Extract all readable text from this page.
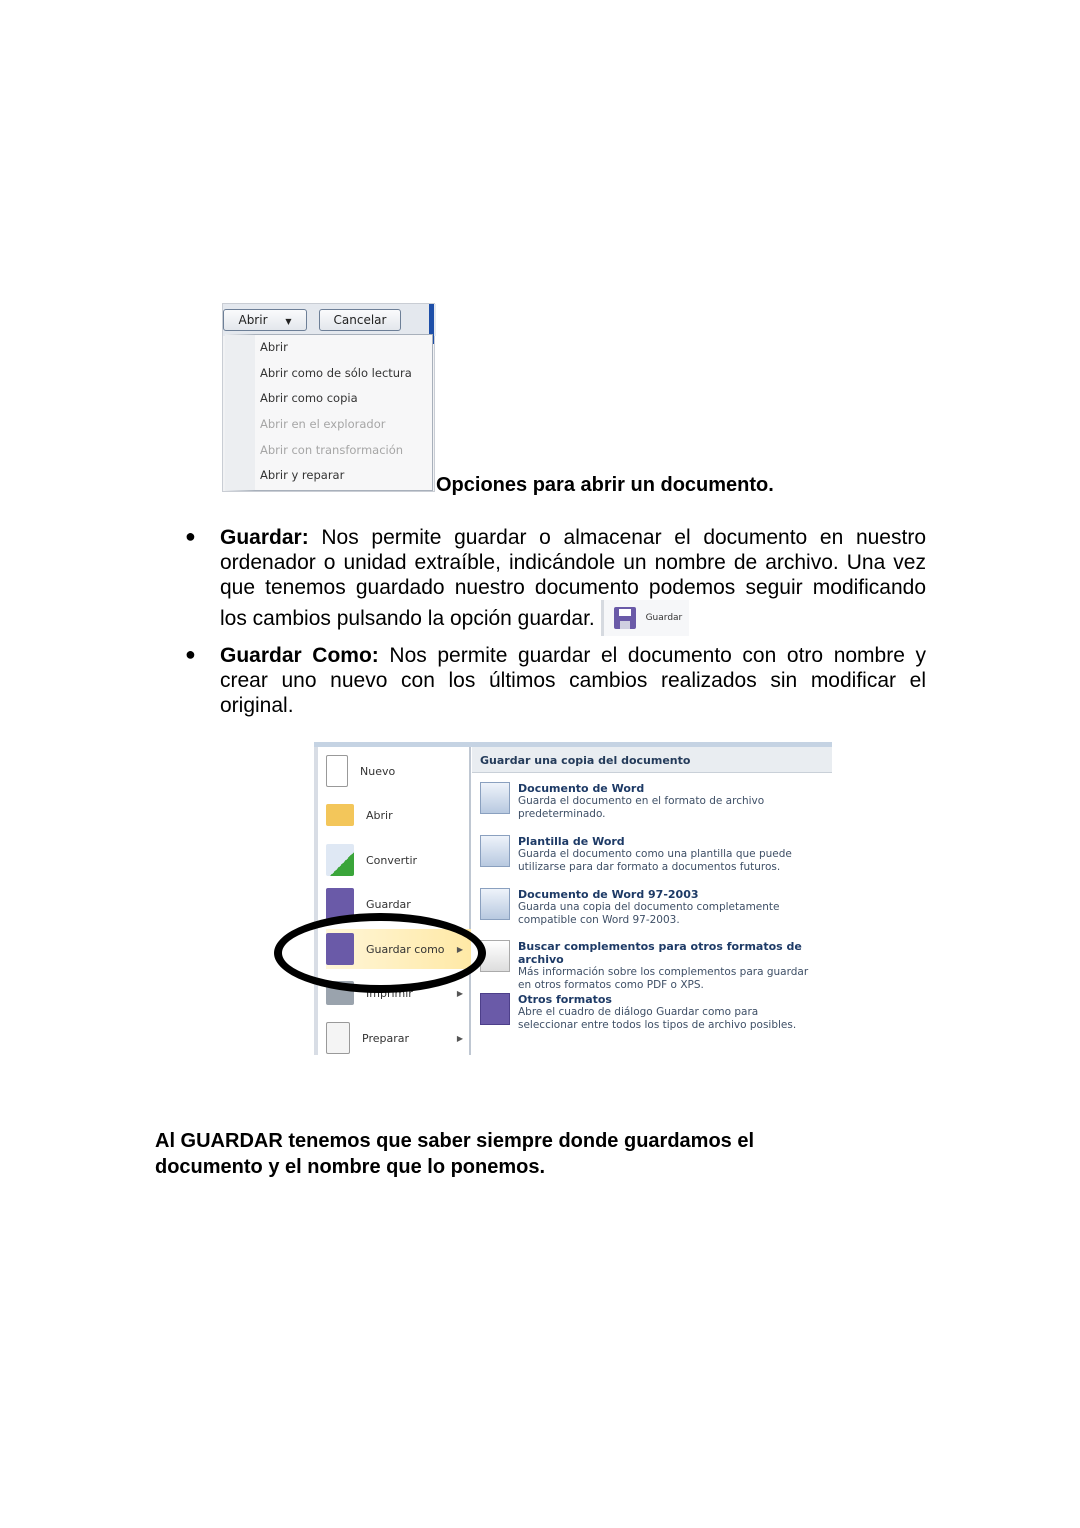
Abrir ▼	Cancelar
Abrir
Abrir como de sólo lectura
Abrir como copia
Abrir en el explorador
Abrir con transformación
Abrir y reparar	Opciones para abrir un documento.
● Guardar: Nos permite guardar o almacenar el documento en nuestro ordenador o unidad extraíble, indicándole un nombre de archivo. Una vez que tenemos guardado nuestro documento podemos seguir modificando los cambios pulsando la opción guardar.	Guardar
● Guardar Como: Nos permite guardar el documento con otro nombre y crear uno nuevo con los últimos cambios realizados sin modificar el original.
Nuevo
Abrir
Convertir
Guardar
Guardar como ▶
Imprimir	▶
Preparar	▶
Guardar una copia del documento
Documento de Word
Guarda el documento en el formato de archivo predeterminado.
Plantilla de Word
Guarda el documento como una plantilla que puede utilizarse para dar formato a documentos futuros.
Documento de Word 97-2003
Guarda una copia del documento completamente compatible con Word 97-2003.
Buscar complementos para otros formatos de archivo
Más información sobre los complementos para guardar en otros formatos como PDF o XPS.
Otros formatos
Abre el cuadro de diálogo Guardar como para seleccionar entre todos los tipos de archivo posibles.
Al GUARDAR tenemos que saber siempre donde guardamos el documento y el nombre que lo ponemos.
